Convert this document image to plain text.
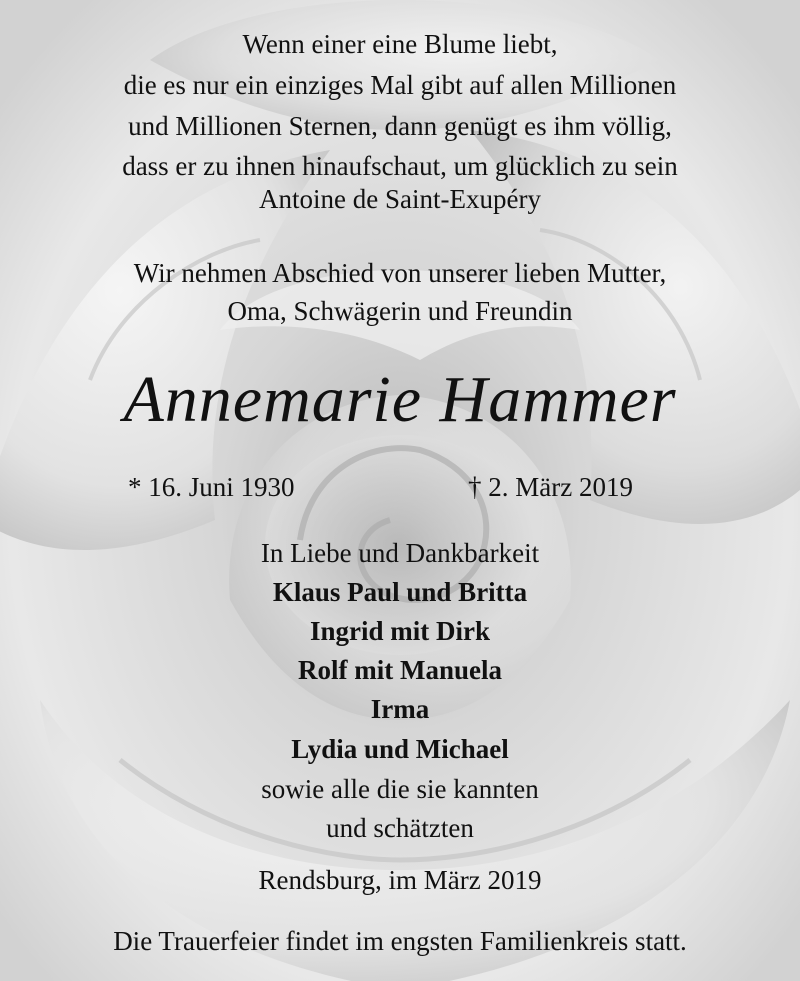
Wenn einer eine Blume liebt,
die es nur ein einziges Mal gibt auf allen Millionen
und Millionen Sternen, dann genügt es ihm völlig,
dass er zu ihnen hinaufschaut, um glücklich zu sein
Antoine de Saint-Exupéry
Wir nehmen Abschied von unserer lieben Mutter,
Oma, Schwägerin und Freundin
Annemarie Hammer
* 16. Juni 1930	† 2. März 2019
In Liebe und Dankbarkeit
Klaus Paul und Britta
Ingrid mit Dirk
Rolf mit Manuela
Irma
Lydia und Michael
sowie alle die sie kannten
und schätzten
Rendsburg, im März 2019
Die Trauerfeier findet im engsten Familienkreis statt.
